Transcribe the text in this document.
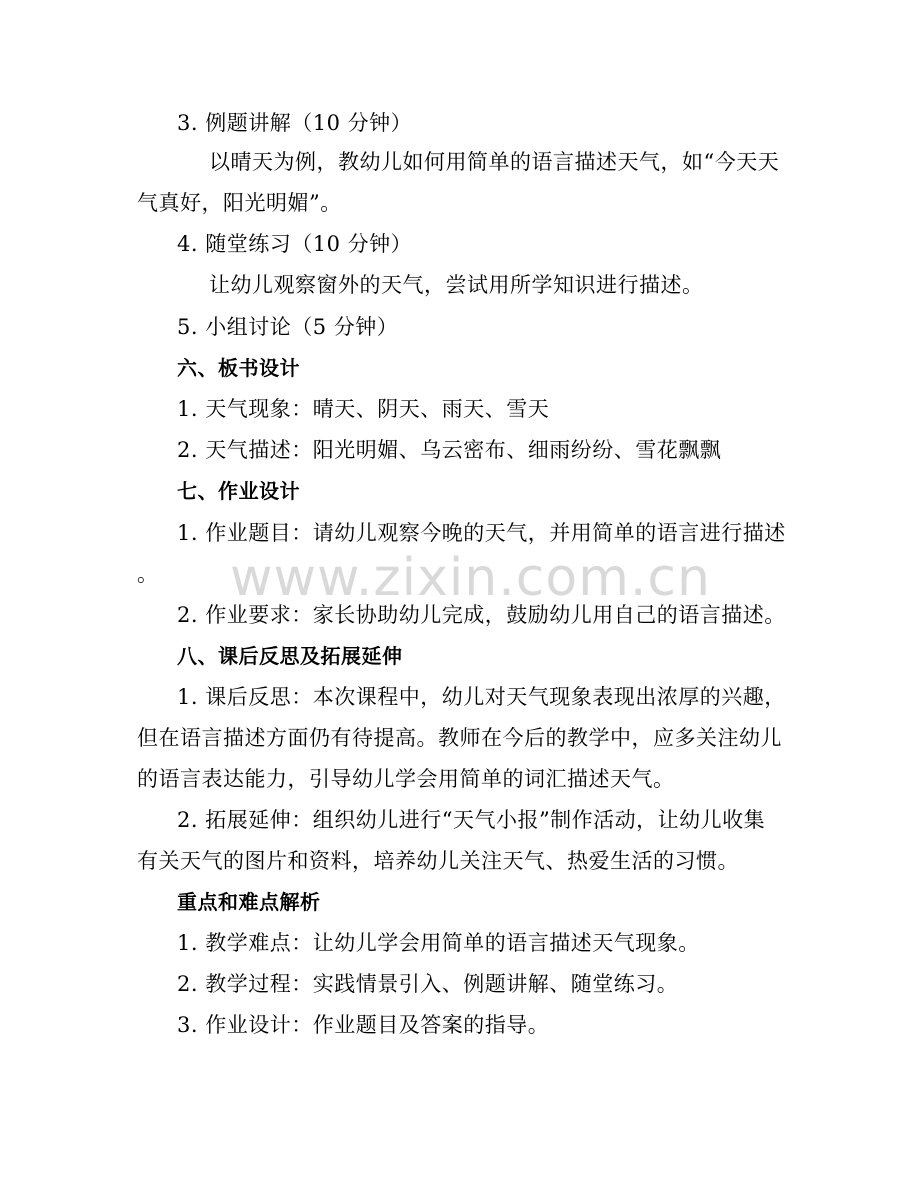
www.zixin.com.cn
3. 例题讲解（10 分钟）
以晴天为例，教幼儿如何用简单的语言描述天气，如“今天天
气真好，阳光明媚”。
4. 随堂练习（10 分钟）
让幼儿观察窗外的天气，尝试用所学知识进行描述。
5. 小组讨论（5 分钟）
六、板书设计
1. 天气现象：晴天、阴天、雨天、雪天
2. 天气描述：阳光明媚、乌云密布、细雨纷纷、雪花飘飘
七、作业设计
1. 作业题目：请幼儿观察今晚的天气，并用简单的语言进行描述
。
2. 作业要求：家长协助幼儿完成，鼓励幼儿用自己的语言描述。
八、课后反思及拓展延伸
1. 课后反思：本次课程中，幼儿对天气现象表现出浓厚的兴趣，
但在语言描述方面仍有待提高。教师在今后的教学中，应多关注幼儿
的语言表达能力，引导幼儿学会用简单的词汇描述天气。
2. 拓展延伸：组织幼儿进行“天气小报”制作活动，让幼儿收集
有关天气的图片和资料，培养幼儿关注天气、热爱生活的习惯。
重点和难点解析
1. 教学难点：让幼儿学会用简单的语言描述天气现象。
2. 教学过程：实践情景引入、例题讲解、随堂练习。
3. 作业设计：作业题目及答案的指导。
